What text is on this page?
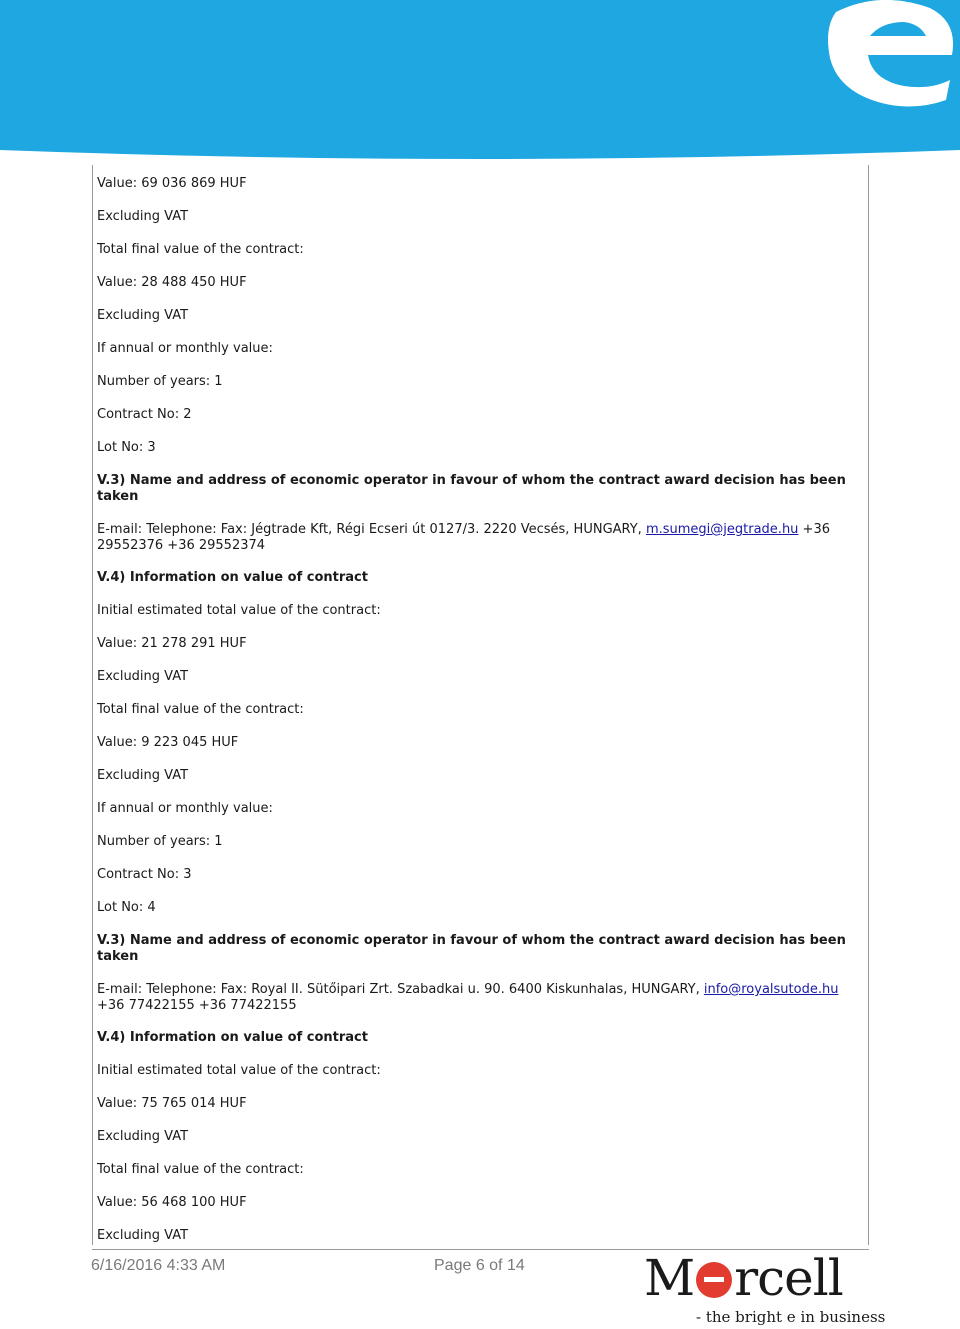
Value: 69 036 869 HUF
Excluding VAT
Total final value of the contract:
Value: 28 488 450 HUF
Excluding VAT
If annual or monthly value:
Number of years: 1
Contract No: 2
Lot No: 3
V.3) Name and address of economic operator in favour of whom the contract award decision has been taken
E-mail: Telephone: Fax: Jégtrade Kft, Régi Ecseri út 0127/3. 2220 Vecsés, HUNGARY, m.sumegi@jegtrade.hu +36 29552376 +36 29552374
V.4) Information on value of contract
Initial estimated total value of the contract:
Value: 21 278 291 HUF
Excluding VAT
Total final value of the contract:
Value: 9 223 045 HUF
Excluding VAT
If annual or monthly value:
Number of years: 1
Contract No: 3
Lot No: 4
V.3) Name and address of economic operator in favour of whom the contract award decision has been taken
E-mail: Telephone: Fax: Royal II. Sütőipari Zrt. Szabadkai u. 90. 6400 Kiskunhalas, HUNGARY, info@royalsutode.hu +36 77422155 +36 77422155
V.4) Information on value of contract
Initial estimated total value of the contract:
Value: 75 765 014 HUF
Excluding VAT
Total final value of the contract:
Value: 56 468 100 HUF
Excluding VAT
6/16/2016 4:33 AM	Page 6 of 14 M rcell
- the bright e in business
